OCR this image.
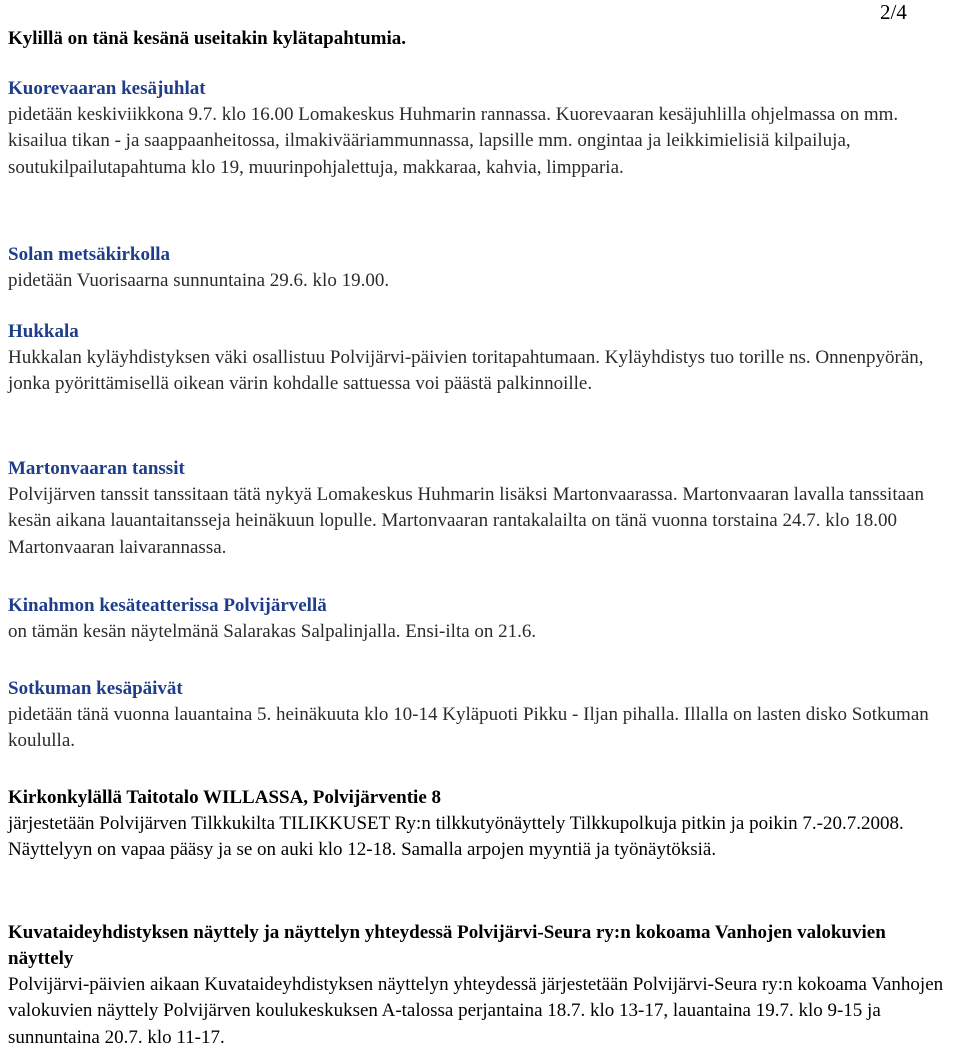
2/4
Kylillä on tänä kesänä useitakin kylätapahtumia.
Kuorevaaran kesäjuhlat
pidetään keskiviikkona 9.7. klo 16.00 Lomakeskus Huhmarin rannassa. Kuorevaaran kesäjuhlilla ohjelmassa on mm. kisailua tikan - ja saappaanheitossa, ilmakivääriammunnassa, lapsille mm. ongintaa ja leikkimielisiä kilpailuja, soutukilpailutapahtuma klo 19, muurinpohjalettuja, makkaraa, kahvia, limpparia.
Solan metsäkirkolla
pidetään Vuorisaarna sunnuntaina 29.6. klo 19.00.
Hukkala
Hukkalan kyläyhdistyksen väki osallistuu Polvijärvi-päivien toritapahtumaan. Kyläyhdistys tuo torille ns. Onnenpyörän, jonka pyörittämisellä oikean värin kohdalle sattuessa voi päästä palkinnoille.
Martonvaaran tanssit
Polvijärven tanssit tanssitaan tätä nykyä Lomakeskus Huhmarin lisäksi Martonvaarassa. Martonvaaran lavalla tanssitaan kesän aikana lauantaitansseja heinäkuun lopulle. Martonvaaran rantakalailta on tänä vuonna torstaina 24.7. klo 18.00 Martonvaaran laivarannassa.
Kinahmon kesäteatterissa Polvijärvellä
on tämän kesän näytelmänä Salarakas Salpalinjalla. Ensi-ilta on 21.6.
Sotkuman kesäpäivät
pidetään tänä vuonna lauantaina 5. heinäkuuta klo 10-14 Kyläpuoti Pikku - Iljan pihalla. Illalla on lasten disko Sotkuman koululla.
Kirkonkylällä Taitotalo WILLASSA, Polvijärventie 8
järjestetään Polvijärven Tilkkukilta TILIKKUSET Ry:n tilkkutyönäyttely Tilkkupolkuja pitkin ja poikin 7.-20.7.2008. Näyttelyyn on vapaa pääsy ja se on auki klo 12-18. Samalla arpojen myyntiä ja työnäytöksiä.
Kuvataideyhdistyksen näyttely ja näyttelyn yhteydessä Polvijärvi-Seura ry:n kokoama Vanhojen valokuvien näyttely
Polvijärvi-päivien aikaan Kuvataideyhdistyksen näyttelyn yhteydessä järjestetään Polvijärvi-Seura ry:n kokoama Vanhojen valokuvien näyttely Polvijärven koulukeskuksen A-talossa perjantaina 18.7. klo 13-17, lauantaina 19.7. klo 9-15 ja sunnuntaina 20.7. klo 11-17.
